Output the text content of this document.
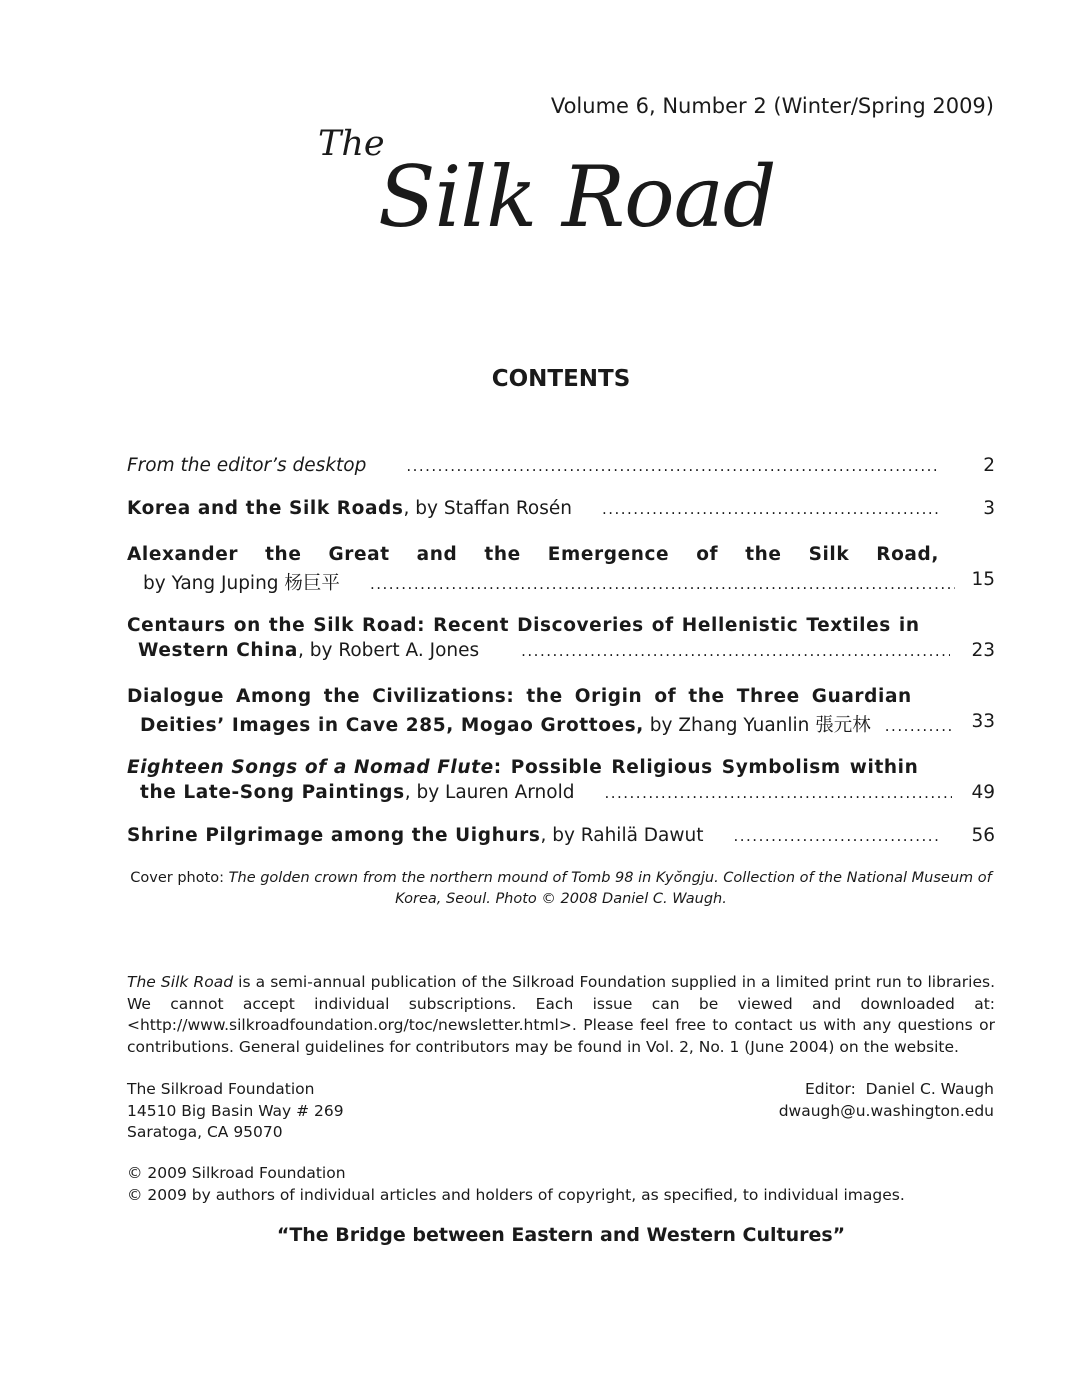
Volume 6, Number 2 (Winter/Spring 2009)
The
Silk Road
CONTENTS
From the editor’s desktop .....	2
Korea and the Silk Roads , by Staffan Rosén .....	3
Alexander the Great and the Emergence of the Silk Road,
by Yang Juping 杨巨平 .....	15
Centaurs on the Silk Road: Recent Discoveries of Hellenistic Textiles in
Western China , by Robert A. Jones .....	23
Dialogue Among the Civilizations: the Origin of the Three Guardian
Deities’ Images in Cave 285, Mogao Grottoes, by Zhang Yuanlin 張元林 .....	33
Eighteen Songs of a Nomad Flute : Possible Religious Symbolism within
the Late-Song Paintings , by Lauren Arnold .....	49
Shrine Pilgrimage among the Uighurs , by Rahilä Dawut .....	56
Cover photo: The golden crown from the northern mound of Tomb 98 in Kyŏngju. Collection of the National Museum of Korea, Seoul. Photo © 2008 Daniel C. Waugh.
The Silk Road is a semi-annual publication of the Silkroad Foundation supplied in a limited print run to libraries. We cannot accept individual subscriptions. Each issue can be viewed and downloaded at: <http://www.silkroadfoundation.org/toc/newsletter.html>. Please feel free to contact us with any questions or contributions. General guidelines for contributors may be found in Vol. 2, No. 1 (June 2004) on the website.
The Silkroad Foundation
14510 Big Basin Way # 269
Saratoga, CA 95070
Editor:  Daniel C. Waugh
dwaugh@u.washington.edu
© 2009 Silkroad Foundation
© 2009 by authors of individual articles and holders of copyright, as specified, to individual images.
“The Bridge between Eastern and Western Cultures”
